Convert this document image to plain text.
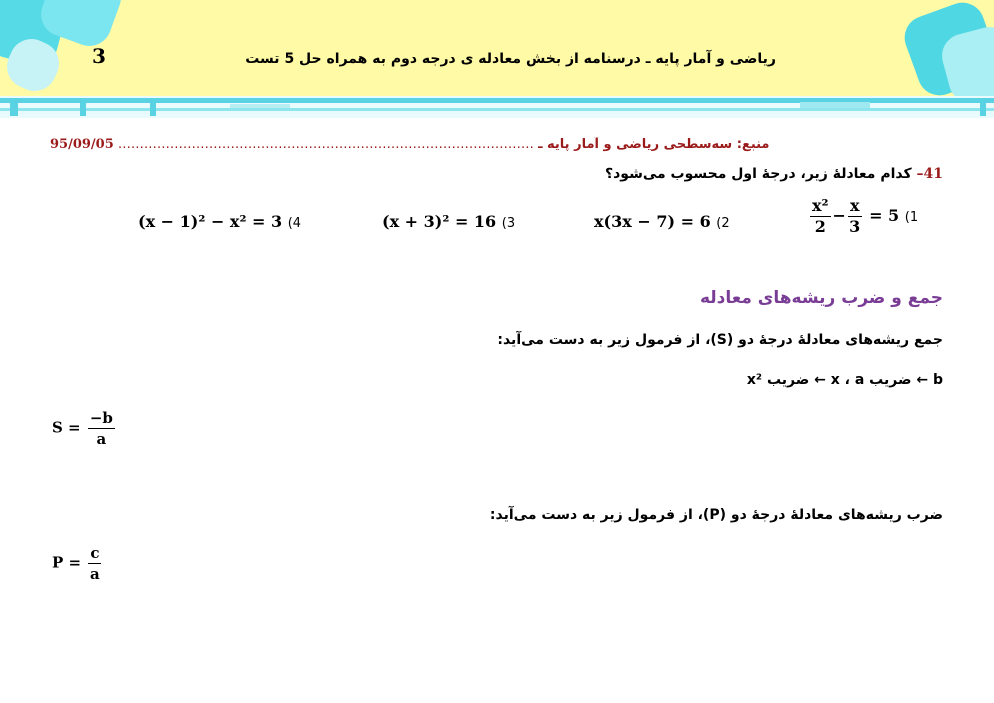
3	ریاضی و آمار پایه ـ درسنامه از بخش معادله ی درجه دوم به همراه حل 5 تست
95/09/05 …………………………………………………………………………………… منبع: سه‌سطحی ریاضی و آمار پایه ـ
41– کدام معادلهٔ زیر، درجهٔ اول محسوب می‌شود؟
$\frac{\text{x²}}{2} - \frac{x}{3} = 5$ (1
x(3x − 7) = 6 (2
(x + 3)² = 16 (3
(x − 1)² − x² = 3 (4
جمع و ضرب ریشه‌های معادله
جمع ریشه‌های معادلهٔ درجهٔ دو (S)، از فرمول زیر به دست می‌آید:
b ← ضریب x ، a ← ضریب x²
$S = \frac{-b}{a}$
ضرب ریشه‌های معادلهٔ درجهٔ دو (P)، از فرمول زیر به دست می‌آید:
$P = \frac{c}{a}$
